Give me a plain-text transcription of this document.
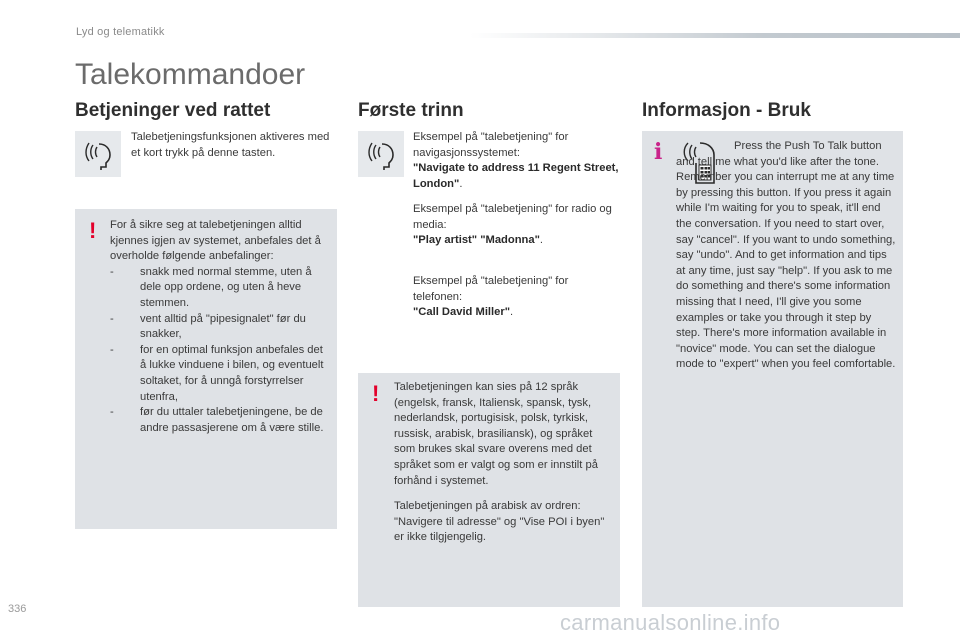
Lyd og telematikk
Talekommandoer
Betjeninger ved rattet

Talebetjeningsfunksjonen aktiveres med et kort trykk på denne tasten.

! For å sikre seg at talebetjeningen alltid kjennes igjen av systemet, anbefales det å overholde følgende anbefalinger:

- snakk med normal stemme, uten å dele opp ordene, og uten å heve stemmen.
- vent alltid på "pipesignalet" før du snakker,
- for en optimal funksjon anbefales det å lukke vinduene i bilen, og eventuelt soltaket, for å unngå forstyrrelser utenfra,
- før du uttaler talebetjeningene, be de andre passasjerene om å være stille.
Første trinn

Eksempel på "talebetjening" for navigasjonssystemet:

"Navigate to address 11 Regent Street, London".

Eksempel på "talebetjening" for radio og media:

"Play artist" "Madonna".

Eksempel på "talebetjening" for telefonen:

"Call David Miller".

! Talebetjeningen kan sies på 12 språk (engelsk, fransk, Italiensk, spansk, tysk, nederlandsk, portugisisk, polsk, tyrkisk, russisk, arabisk, brasiliansk), og språket som brukes skal svare overens med det språket som er valgt og som er innstilt på forhånd i systemet.

Talebetjeningen på arabisk av ordren: "Navigere til adresse" og "Vise POI i byen" er ikke tilgjengelig.

Informasjon - Bruk
i	Press the Push To Talk button and tell me what you'd like after the tone. Remember you can interrupt me at any time by pressing this button. If you press it again while I'm waiting for you to speak, it'll end the conversation. If you need to start over, say "cancel". If you want to undo something, say "undo". And to get information and tips at any time, just say "help". If you ask to me do something and there's some information missing that I need, I'll give you some examples or take you through it step by step. There's more information available in "novice" mode. You can set the dialogue mode to "expert" when you feel comfortable.

336
carmanualsonline.info
